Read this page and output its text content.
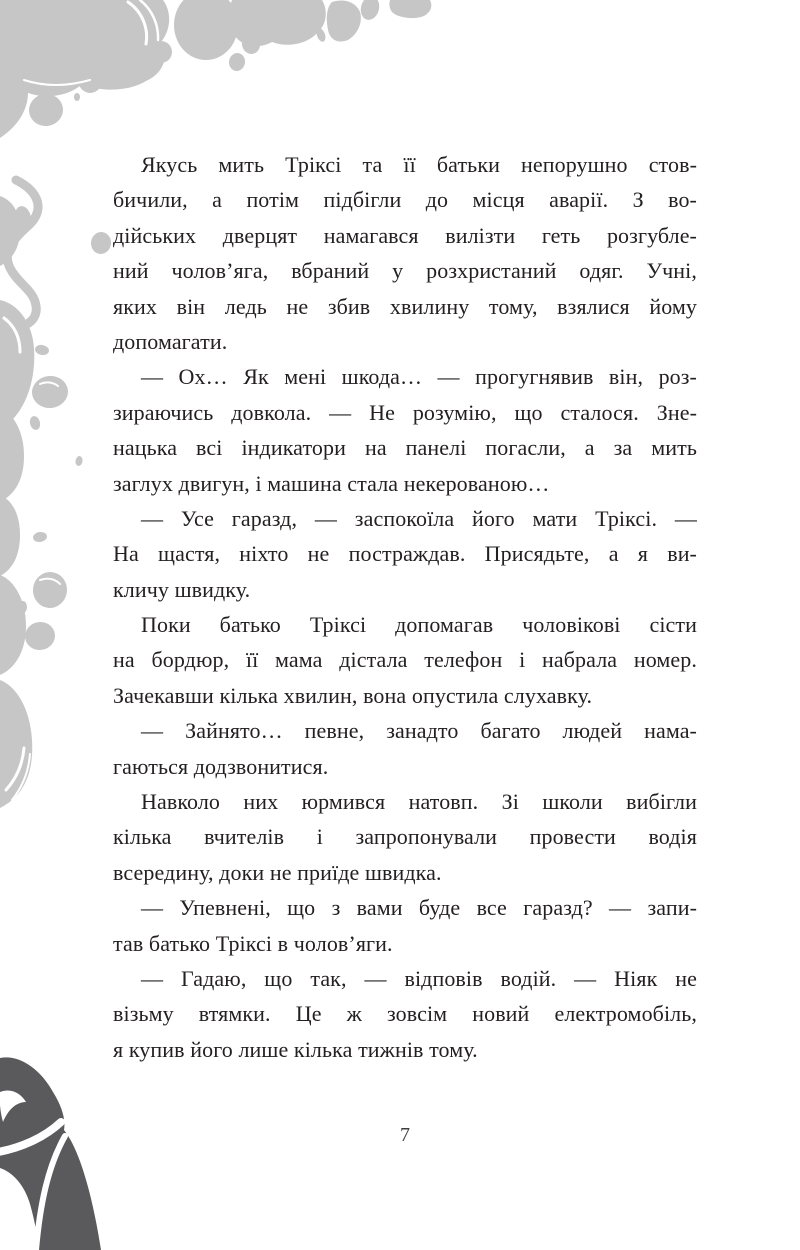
Якусь мить Тріксі та її батьки непорушно стов-
бичили, а потім підбігли до місця аварії. З во-
дійських дверцят намагався вилізти геть розгубле-
ний чолов’яга, вбраний у розхристаний одяг. Учні,
яких він ледь не збив хвилину тому, взялися йому
допомагати.
— Ох… Як мені шкода… — прогугнявив він, роз-
зираючись довкола. — Не розумію, що сталося. Зне-
нацька всі індикатори на панелі погасли, а за мить
заглух двигун, і машина стала некерованою…
— Усе гаразд, — заспокоїла його мати Тріксі. —
На щастя, ніхто не постраждав. Присядьте, а я ви-
кличу швидку.
Поки батько Тріксі допомагав чоловікові сісти
на бордюр, її мама дістала телефон і набрала номер.
Зачекавши кілька хвилин, вона опустила слухавку.
— Зайнято… певне, занадто багато людей нама-
гаються додзвонитися.
Навколо них юрмився натовп. Зі школи вибігли
кілька вчителів і запропонували провести водія
всередину, доки не приїде швидка.
— Упевнені, що з вами буде все гаразд? — запи-
тав батько Тріксі в чолов’яги.
— Гадаю, що так, — відповів водій. — Ніяк не
візьму втямки. Це ж зовсім новий електромобіль,
я купив його лише кілька тижнів тому.
7
